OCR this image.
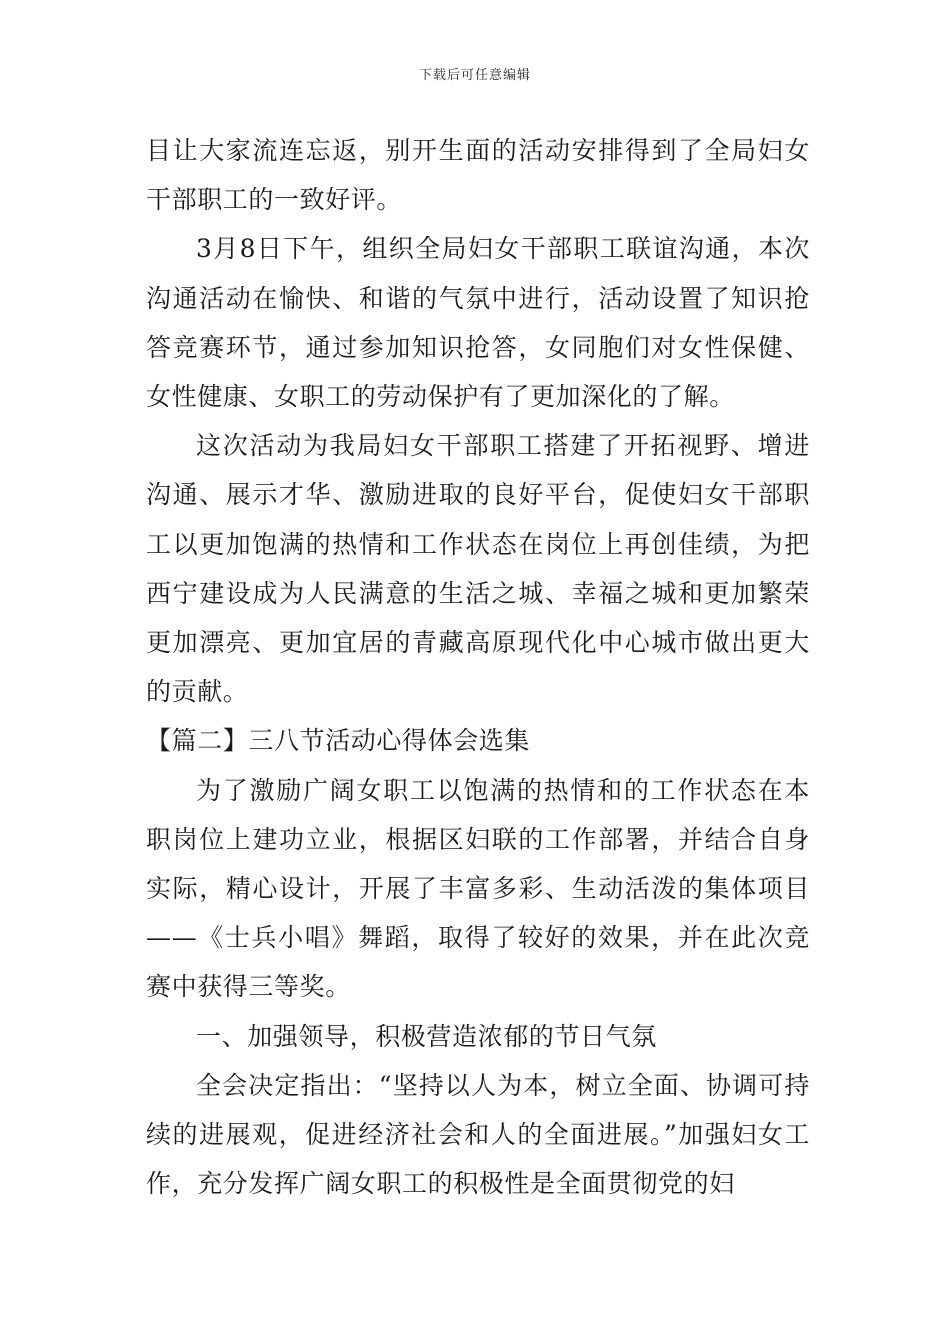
下载后可任意编辑

目让大家流连忘返，别开生面的活动安排得到了全局妇女干部职工的一致好评。

3月8日下午，组织全局妇女干部职工联谊沟通，本次沟通活动在愉快、和谐的气氛中进行，活动设置了知识抢答竞赛环节，通过参加知识抢答，女同胞们对女性保健、女性健康、女职工的劳动保护有了更加深化的了解。

这次活动为我局妇女干部职工搭建了开拓视野、增进沟通、展示才华、激励进取的良好平台，促使妇女干部职工以更加饱满的热情和工作状态在岗位上再创佳绩，为把西宁建设成为人民满意的生活之城、幸福之城和更加繁荣更加漂亮、更加宜居的青藏高原现代化中心城市做出更大的贡献。

【篇二】三八节活动心得体会选集

为了激励广阔女职工以饱满的热情和的工作状态在本职岗位上建功立业，根据区妇联的工作部署，并结合自身实际，精心设计，开展了丰富多彩、生动活泼的集体项目——《士兵小唱》舞蹈，取得了较好的效果，并在此次竞赛中获得三等奖。

一、加强领导，积极营造浓郁的节日气氛

全会决定指出：“坚持以人为本，树立全面、协调可持续的进展观，促进经济社会和人的全面进展。”加强妇女工作，充分发挥广阔女职工的积极性是全面贯彻党的妇
